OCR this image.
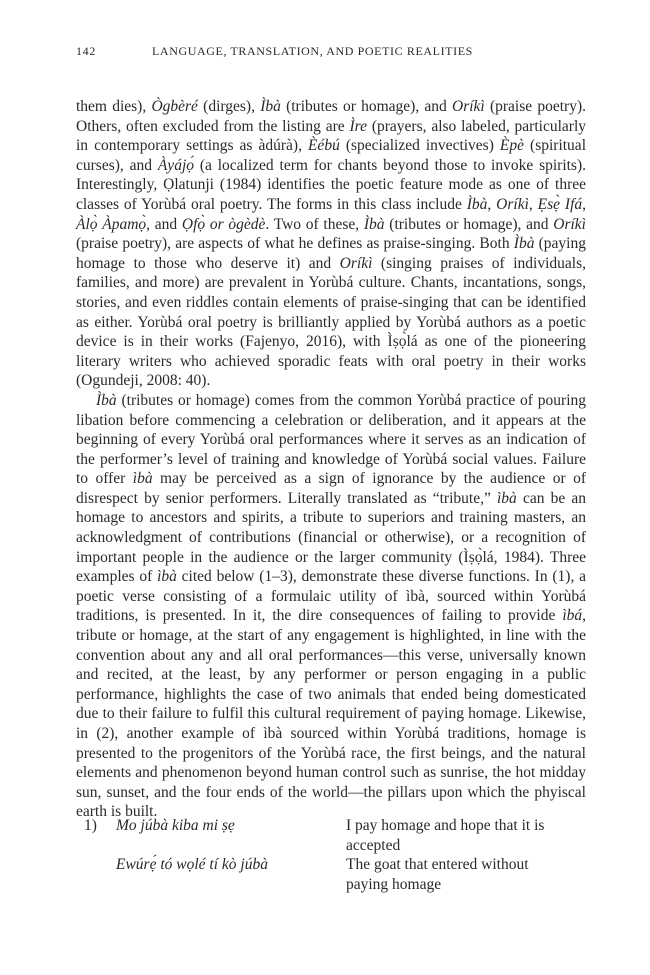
142	LANGUAGE, TRANSLATION, AND POETIC REALITIES

them dies), Ògbèré (dirges), Ìbà (tributes or homage), and Oríkì (praise poetry). Others, often excluded from the listing are Ìre (prayers, also labeled, particularly in contemporary settings as àdúrà), Èébú (specialized invectives) Èpè (spiritual curses), and Àyájọ́ (a localized term for chants beyond those to invoke spirits). Interestingly, Ọlatunji (1984) identifies the poetic feature mode as one of three classes of Yorùbá oral poetry. The forms in this class include Ìbà, Oríkì, Ẹsẹ̀ Ifá, Àlọ̀ Àpamọ̀, and Ọfọ̀ or ògèdè. Two of these, Ìbà (tributes or homage), and Oríkì (praise poetry), are aspects of what he defines as praise-singing. Both Ìbà (paying homage to those who deserve it) and Oríkì (singing praises of individuals, families, and more) are prevalent in Yorùbá culture. Chants, incantations, songs, stories, and even riddles contain elements of praise-singing that can be identified as either. Yorùbá oral poetry is brilliantly applied by Yorùbá authors as a poetic device is in their works (Fajenyo, 2016), with Ìṣọ̀lá as one of the pioneering literary writers who achieved sporadic feats with oral poetry in their works (Ogundeji, 2008: 40).

Ìbà (tributes or homage) comes from the common Yorùbá practice of pouring libation before commencing a celebration or deliberation, and it appears at the beginning of every Yorùbá oral performances where it serves as an indication of the performer’s level of training and knowledge of Yorùbá social values. Failure to offer ìbà may be perceived as a sign of ignorance by the audience or of disrespect by senior performers. Literally translated as “tribute,” ìbà can be an homage to ancestors and spirits, a tribute to superiors and training masters, an acknowledgment of contributions (financial or otherwise), or a recognition of important people in the audience or the larger community (Ìṣọ̀lá, 1984). Three examples of ìbà cited below (1–3), demonstrate these diverse functions. In (1), a poetic verse consisting of a formulaic utility of ìbà, sourced within Yorùbá traditions, is presented. In it, the dire consequences of failing to provide ìbá, tribute or homage, at the start of any engagement is highlighted, in line with the convention about any and all oral performances—this verse, universally known and recited, at the least, by any performer or person engaging in a public performance, highlights the case of two animals that ended being domesticated due to their failure to fulfil this cultural requirement of paying homage. Likewise, in (2), another example of ìbà sourced within Yorùbá traditions, homage is presented to the progenitors of the Yorùbá race, the first beings, and the natural elements and phenomenon beyond human control such as sunrise, the hot midday sun, sunset, and the four ends of the world—the pillars upon which the phyiscal earth is built.

1) Mo júbà kiba mi ṣẹ	I pay homage and hope that it is accepted
Ewúrẹ́ tó wọlé tí kò júbà	The goat that entered without paying homage
